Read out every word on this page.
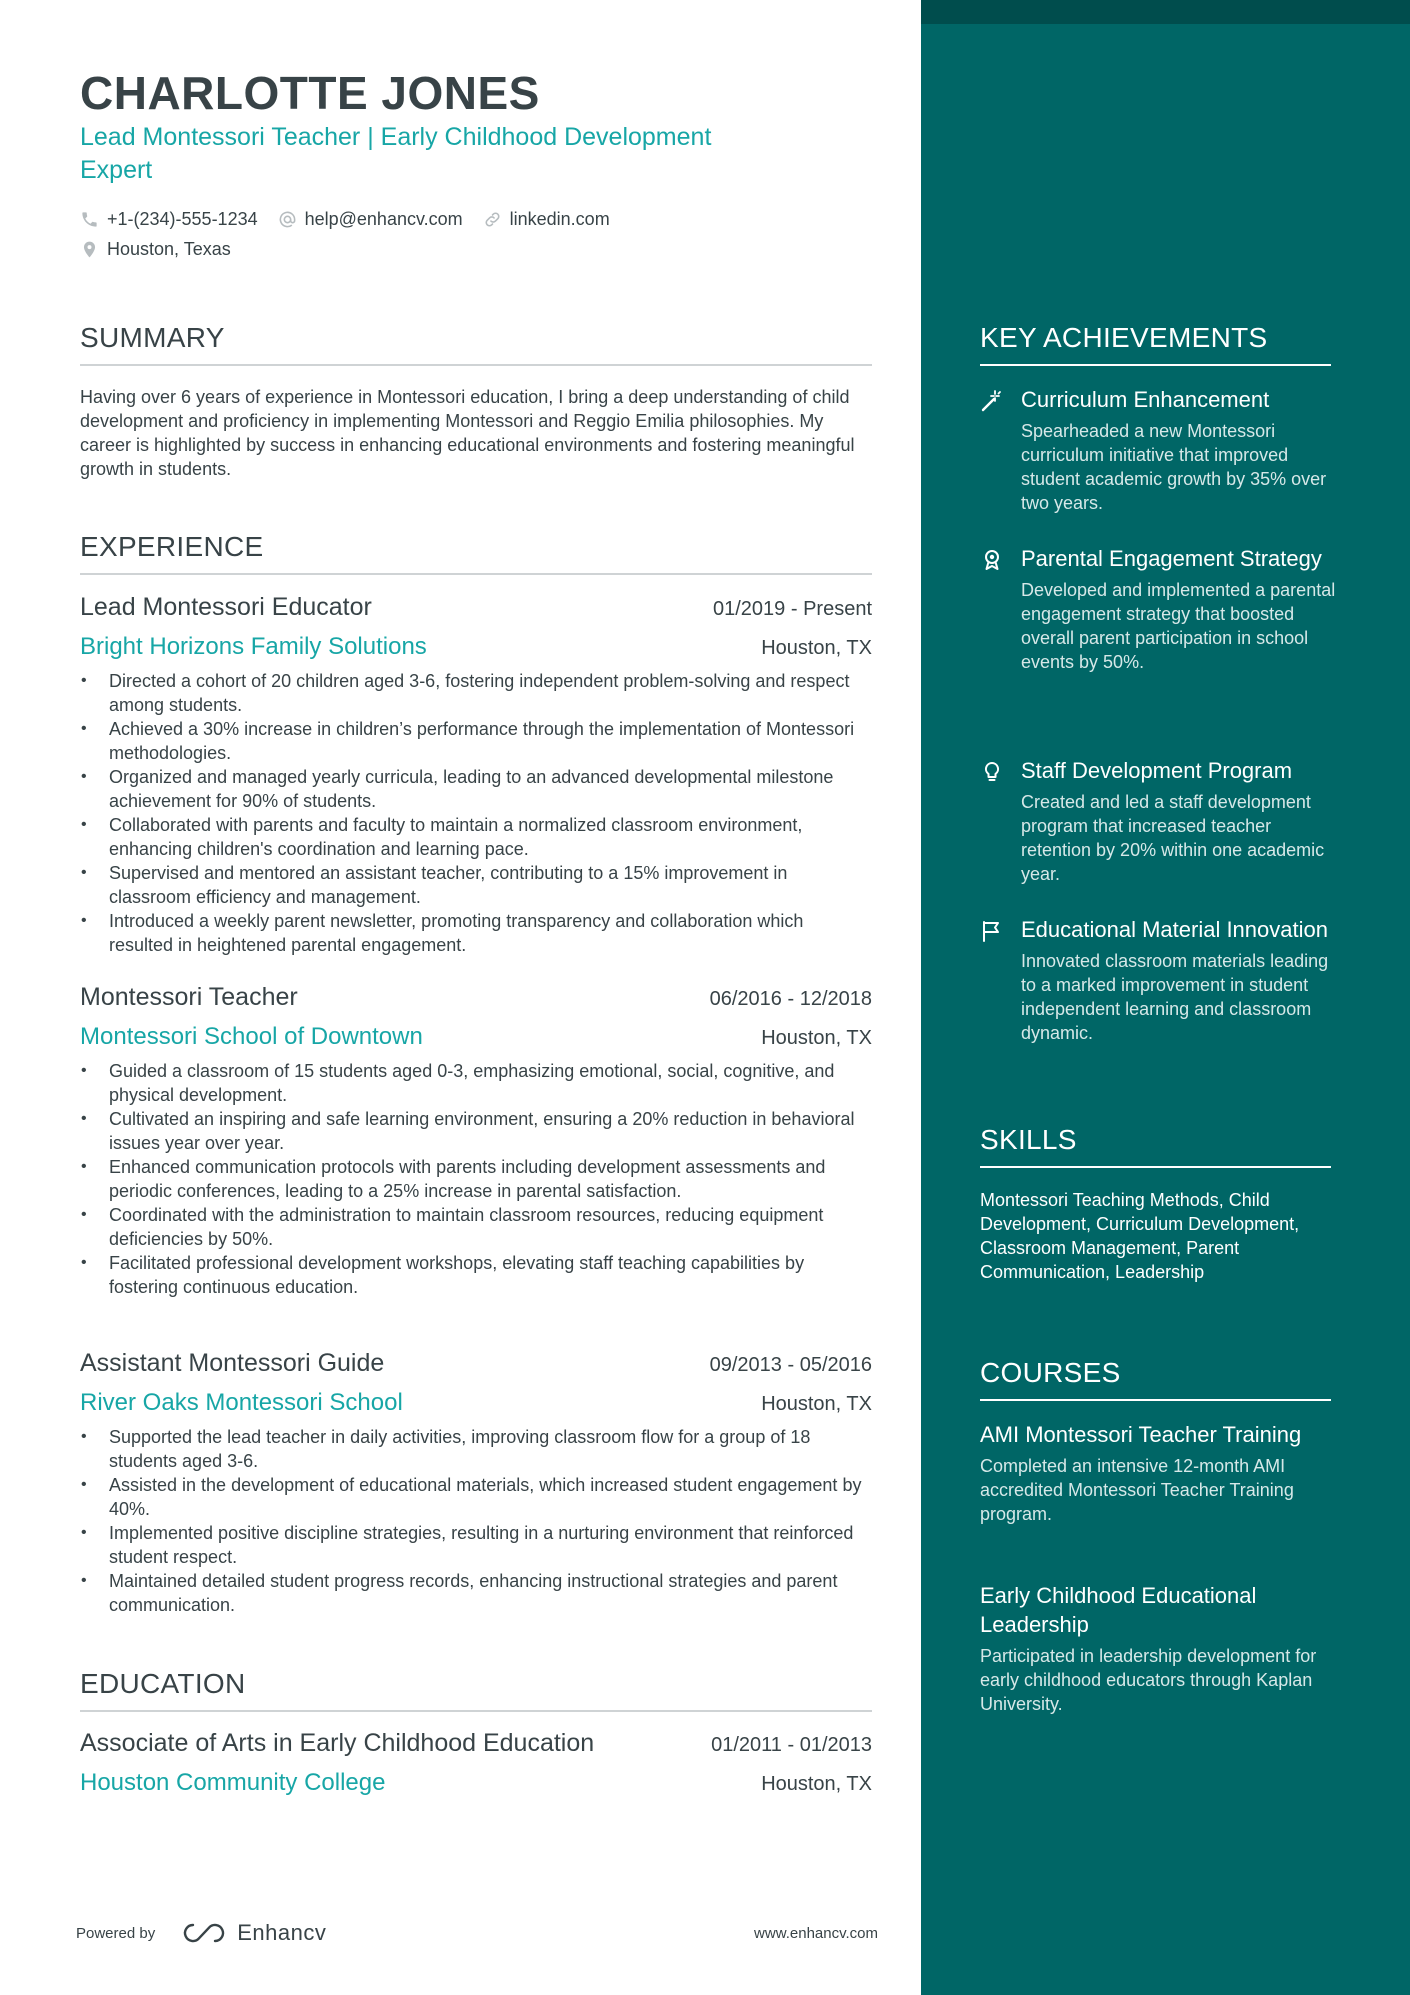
CHARLOTTE JONES
Lead Montessori Teacher | Early Childhood Development
Expert
+1-(234)-555-1234	help@enhancv.com	linkedin.com
Houston, Texas
SUMMARY
Having over 6 years of experience in Montessori education, I bring a deep understanding of child development and proficiency in implementing Montessori and Reggio Emilia philosophies. My career is highlighted by success in enhancing educational environments and fostering meaningful growth in students.
EXPERIENCE
Lead Montessori Educator	01/2019 - Present
Bright Horizons Family Solutions	Houston, TX
• Directed a cohort of 20 children aged 3-6, fostering independent problem-solving and respect among students.
• Achieved a 30% increase in children’s performance through the implementation of Montessori methodologies.
• Organized and managed yearly curricula, leading to an advanced developmental milestone achievement for 90% of students.
• Collaborated with parents and faculty to maintain a normalized classroom environment, enhancing children's coordination and learning pace.
• Supervised and mentored an assistant teacher, contributing to a 15% improvement in classroom efficiency and management.
• Introduced a weekly parent newsletter, promoting transparency and collaboration which resulted in heightened parental engagement.
Montessori Teacher	06/2016 - 12/2018
Montessori School of Downtown	Houston, TX
• Guided a classroom of 15 students aged 0-3, emphasizing emotional, social, cognitive, and physical development.
• Cultivated an inspiring and safe learning environment, ensuring a 20% reduction in behavioral issues year over year.
• Enhanced communication protocols with parents including development assessments and periodic conferences, leading to a 25% increase in parental satisfaction.
• Coordinated with the administration to maintain classroom resources, reducing equipment deficiencies by 50%.
• Facilitated professional development workshops, elevating staff teaching capabilities by fostering continuous education.
Assistant Montessori Guide	09/2013 - 05/2016
River Oaks Montessori School	Houston, TX
• Supported the lead teacher in daily activities, improving classroom flow for a group of 18 students aged 3-6.
• Assisted in the development of educational materials, which increased student engagement by 40%.
• Implemented positive discipline strategies, resulting in a nurturing environment that reinforced student respect.
• Maintained detailed student progress records, enhancing instructional strategies and parent communication.
EDUCATION
Associate of Arts in Early Childhood Education	01/2011 - 01/2013
Houston Community College	Houston, TX
Powered by	Enhancv	www.enhancv.com
KEY ACHIEVEMENTS
Curriculum Enhancement
Spearheaded a new Montessori curriculum initiative that improved student academic growth by 35% over two years.
Parental Engagement Strategy
Developed and implemented a parental engagement strategy that boosted overall parent participation in school events by 50%.
Staff Development Program
Created and led a staff development program that increased teacher retention by 20% within one academic year.
Educational Material Innovation
Innovated classroom materials leading to a marked improvement in student independent learning and classroom dynamic.
SKILLS
Montessori Teaching Methods, Child Development, Curriculum Development, Classroom Management, Parent Communication, Leadership
COURSES
AMI Montessori Teacher Training
Completed an intensive 12-month AMI accredited Montessori Teacher Training program.
Early Childhood Educational Leadership
Participated in leadership development for early childhood educators through Kaplan University.
